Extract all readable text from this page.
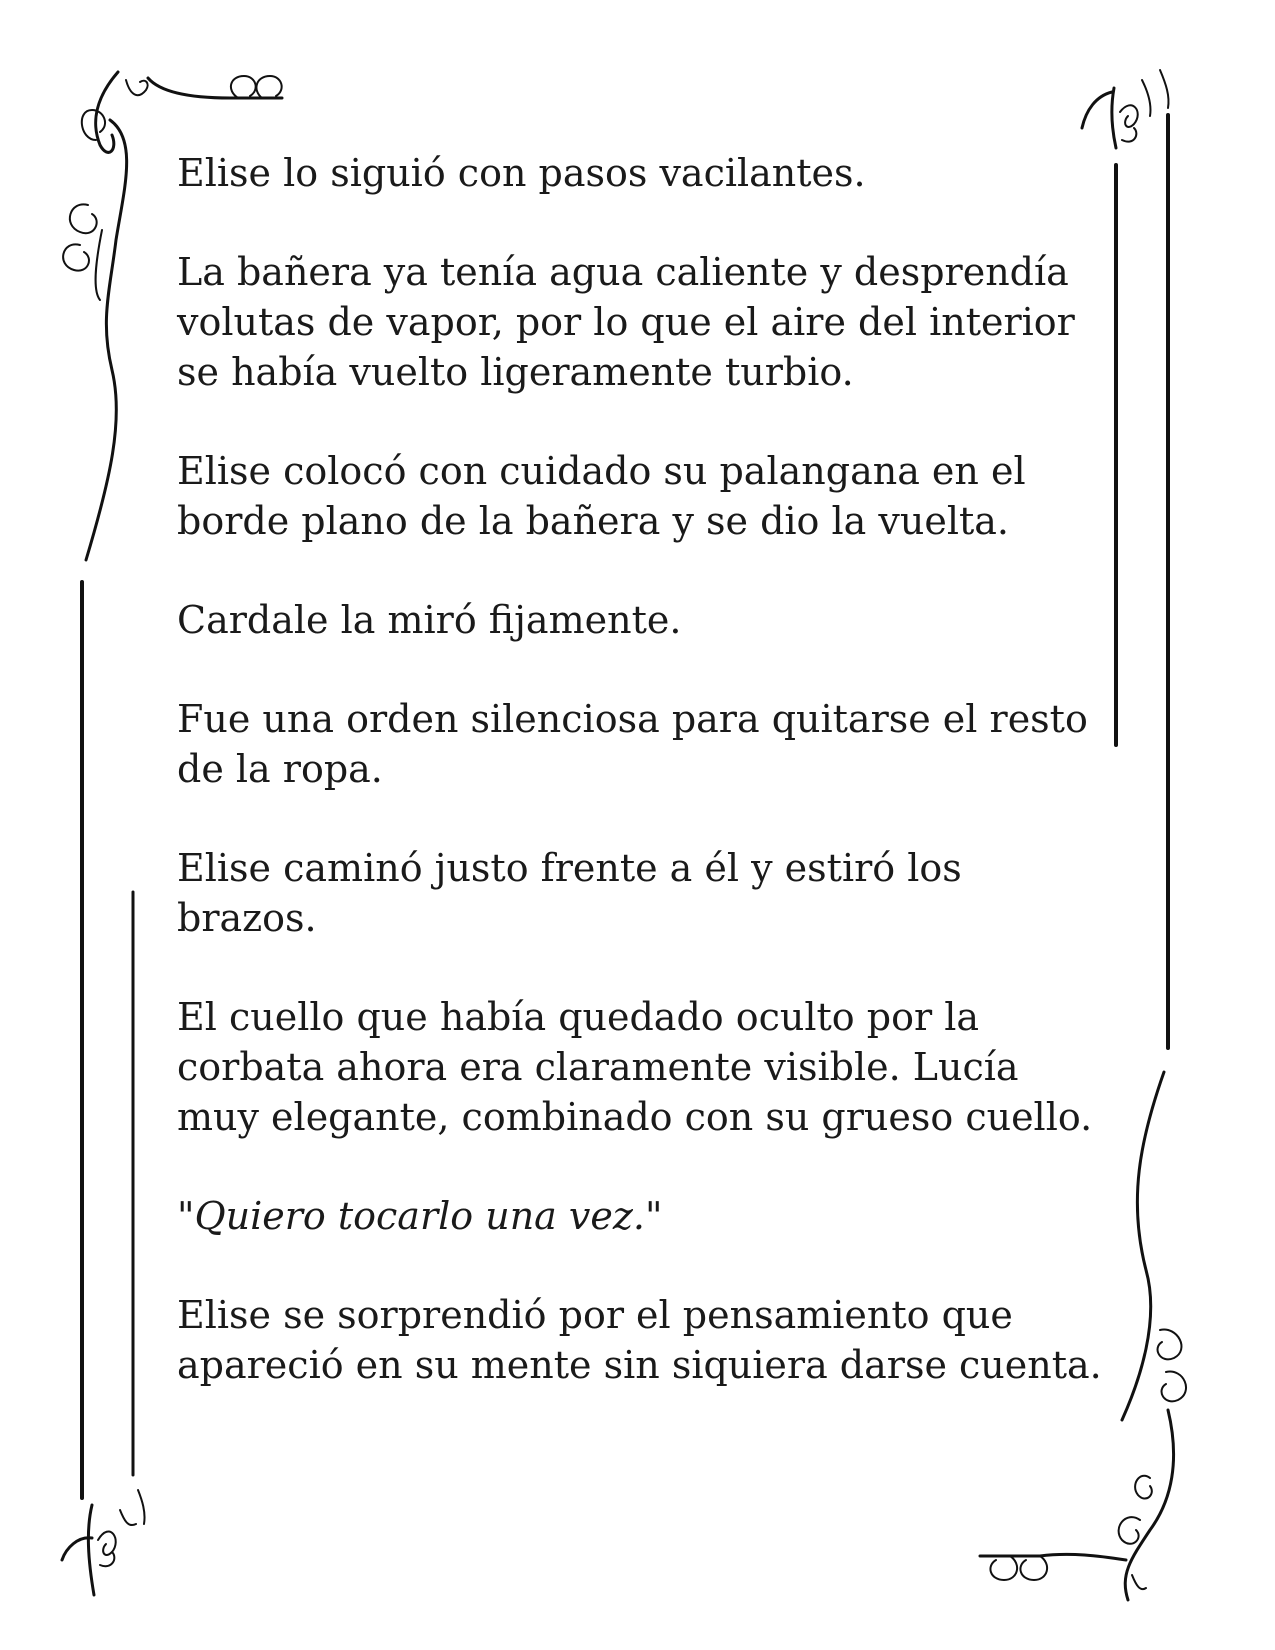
Elise lo siguió con pasos vacilantes.

La bañera ya tenía agua caliente y desprendía
volutas de vapor, por lo que el aire del interior
se había vuelto ligeramente turbio.

Elise colocó con cuidado su palangana en el
borde plano de la bañera y se dio la vuelta.

Cardale la miró fijamente.

Fue una orden silenciosa para quitarse el resto
de la ropa.

Elise caminó justo frente a él y estiró los
brazos.

El cuello que había quedado oculto por la
corbata ahora era claramente visible. Lucía
muy elegante, combinado con su grueso cuello.

"Quiero tocarlo una vez."

Elise se sorprendió por el pensamiento que
apareció en su mente sin siquiera darse cuenta.
